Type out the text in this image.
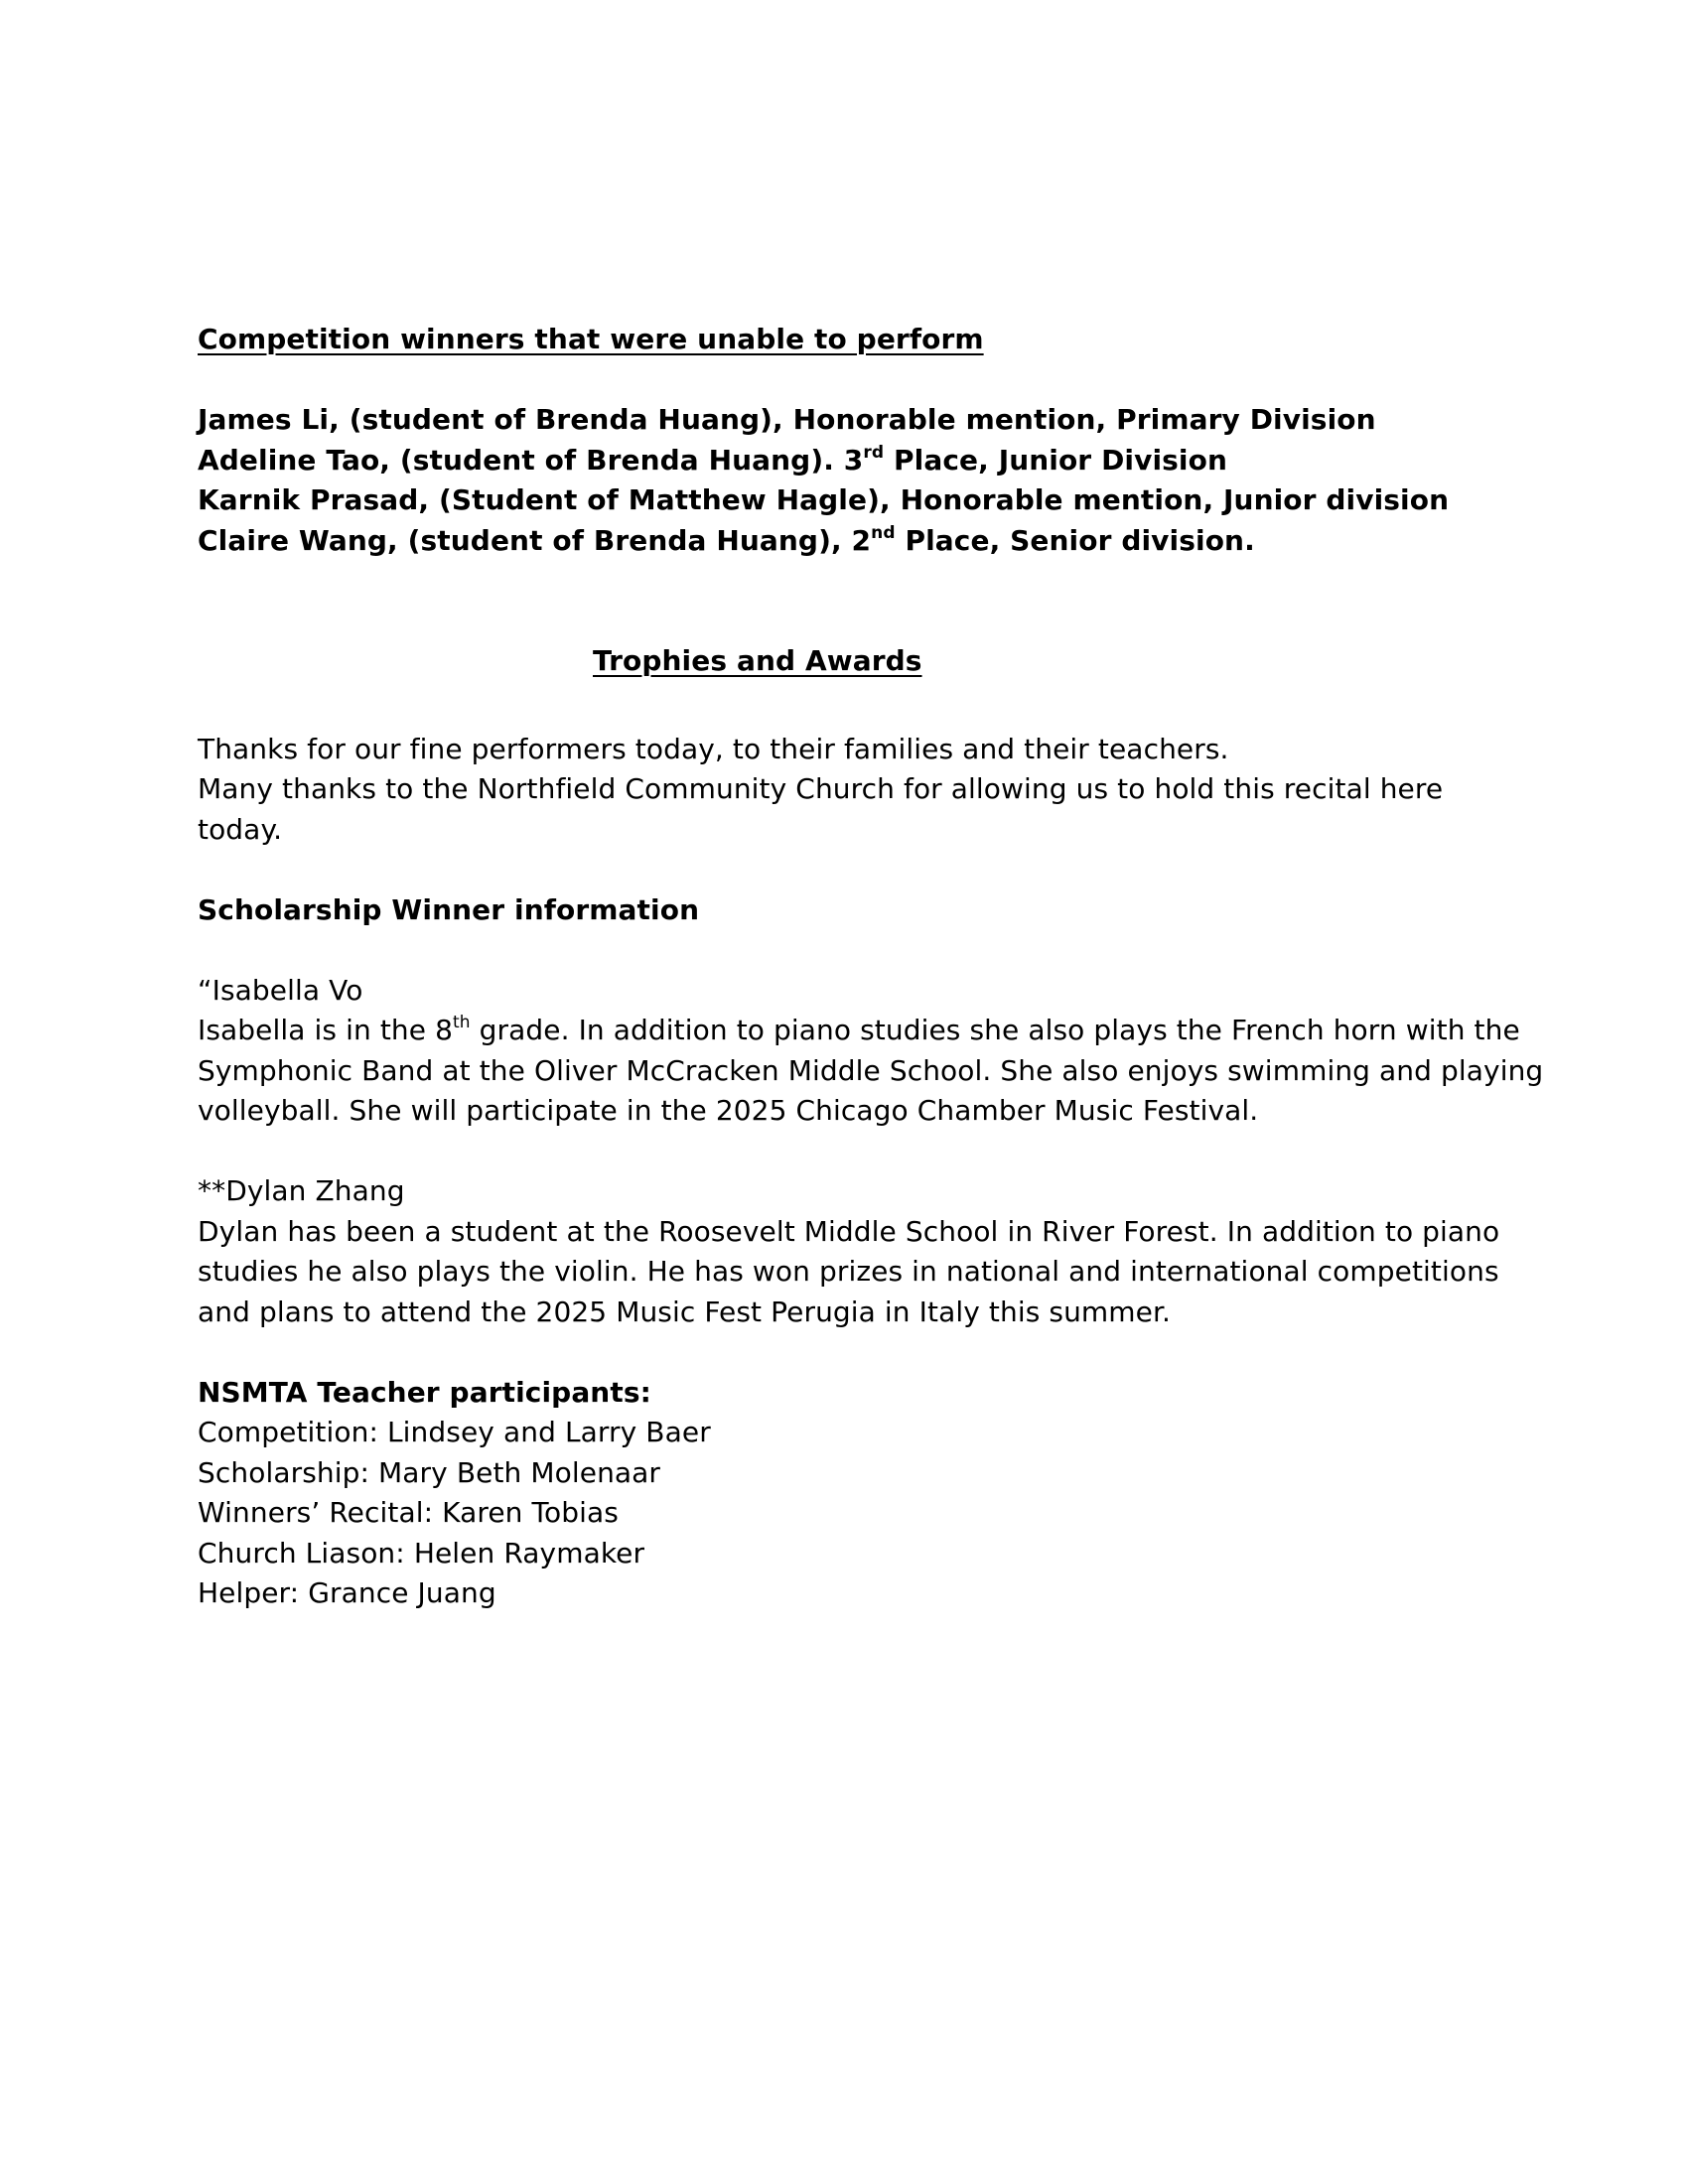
Competition winners that were unable to perform
James Li, (student of Brenda Huang), Honorable mention, Primary Division
Adeline Tao, (student of Brenda Huang). 3rd Place, Junior Division
Karnik Prasad, (Student of Matthew Hagle), Honorable mention, Junior division
Claire Wang, (student of Brenda Huang), 2nd Place, Senior division.
Trophies and Awards
Thanks for our fine performers today, to their families and their teachers.
Many thanks to the Northfield Community Church for allowing us to hold this recital here
today.
Scholarship Winner information
“Isabella Vo
Isabella is in the 8th grade. In addition to piano studies she also plays the French horn with the
Symphonic Band at the Oliver McCracken Middle School. She also enjoys swimming and playing
volleyball. She will participate in the 2025 Chicago Chamber Music Festival.
**Dylan Zhang
Dylan has been a student at the Roosevelt Middle School in River Forest. In addition to piano
studies he also plays the violin. He has won prizes in national and international competitions
and plans to attend the 2025 Music Fest Perugia in Italy this summer.
NSMTA Teacher participants:
Competition: Lindsey and Larry Baer
Scholarship: Mary Beth Molenaar
Winners’ Recital: Karen Tobias
Church Liason: Helen Raymaker
Helper: Grance Juang
